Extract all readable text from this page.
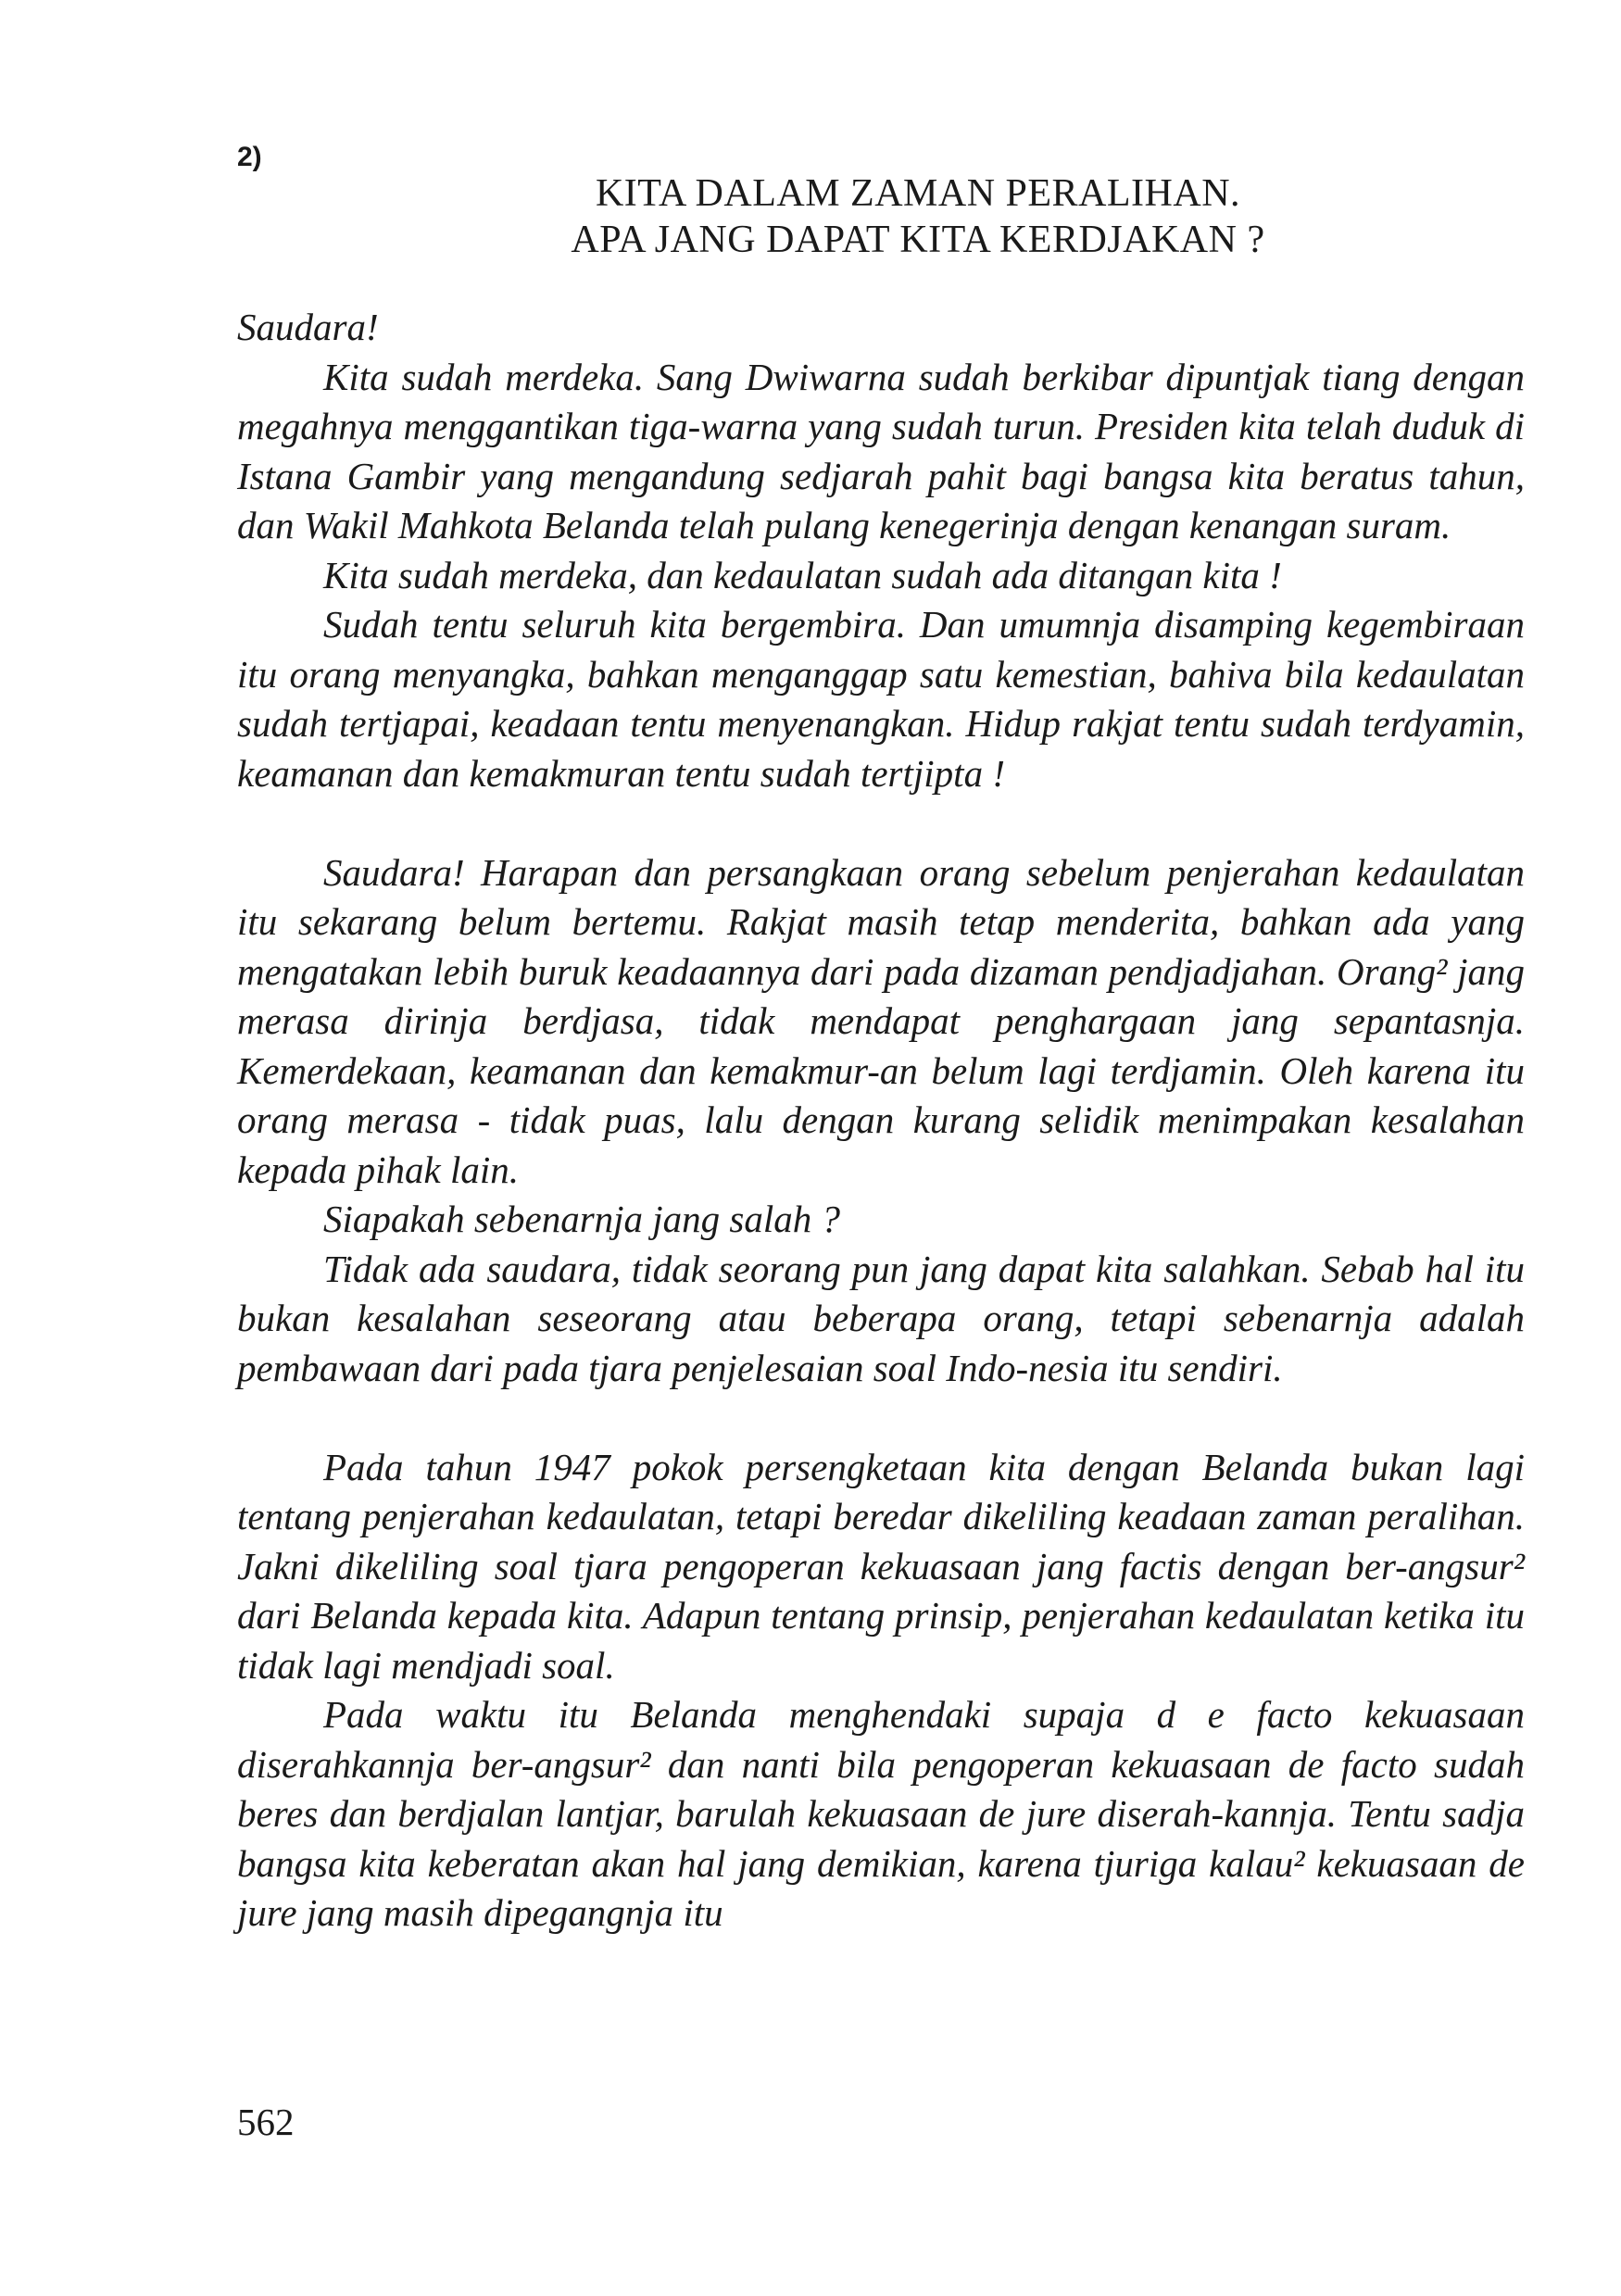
2)
KITA DALAM ZAMAN PERALIHAN.
APA JANG DAPAT KITA KERDJAKAN ?

Saudara!

Kita sudah merdeka. Sang Dwiwarna sudah berkibar dipuntjak tiang dengan megahnya menggantikan tiga-warna yang sudah turun. Presiden kita telah duduk di Istana Gambir yang mengandung sedjarah pahit bagi bangsa kita beratus tahun, dan Wakil Mahkota Belanda telah pulang kenegerinja dengan kenangan suram.

Kita sudah merdeka, dan kedaulatan sudah ada ditangan kita !

Sudah tentu seluruh kita bergembira. Dan umumnja disamping kegembiraan itu orang menyangka, bahkan menganggap satu kemestian, bahiva bila kedaulatan sudah tertjapai, keadaan tentu menyenangkan. Hidup rakjat tentu sudah terdyamin, keamanan dan kemakmuran tentu sudah tertjipta !

Saudara! Harapan dan persangkaan orang sebelum penjerahan kedaulatan itu sekarang belum bertemu. Rakjat masih tetap menderita, bahkan ada yang mengatakan lebih buruk keadaannya dari pada dizaman pendjadjahan. Orang² jang merasa dirinja berdjasa, tidak mendapat penghargaan jang sepantasnja. Kemerdekaan, keamanan dan kemakmur-an belum lagi terdjamin. Oleh karena itu orang merasa - tidak puas, lalu dengan kurang selidik menimpakan kesalahan kepada pihak lain.

Siapakah sebenarnja jang salah ?

Tidak ada saudara, tidak seorang pun jang dapat kita salahkan. Sebab hal itu bukan kesalahan seseorang atau beberapa orang, tetapi sebenarnja adalah pembawaan dari pada tjara penjelesaian soal Indo-nesia itu sendiri.

Pada tahun 1947 pokok persengketaan kita dengan Belanda bukan lagi tentang penjerahan kedaulatan, tetapi beredar dikeliling keadaan zaman peralihan. Jakni dikeliling soal tjara pengoperan kekuasaan jang factis dengan ber-angsur² dari Belanda kepada kita. Adapun tentang prinsip, penjerahan kedaulatan ketika itu tidak lagi mendjadi soal.

Pada waktu itu Belanda menghendaki supaja d e facto kekuasaan diserahkannja ber-angsur² dan nanti bila pengoperan kekuasaan de facto sudah beres dan berdjalan lantjar, barulah kekuasaan de jure diserah-kannja. Tentu sadja bangsa kita keberatan akan hal jang demikian, karena tjuriga kalau² kekuasaan de jure jang masih dipegangnja itu

562
